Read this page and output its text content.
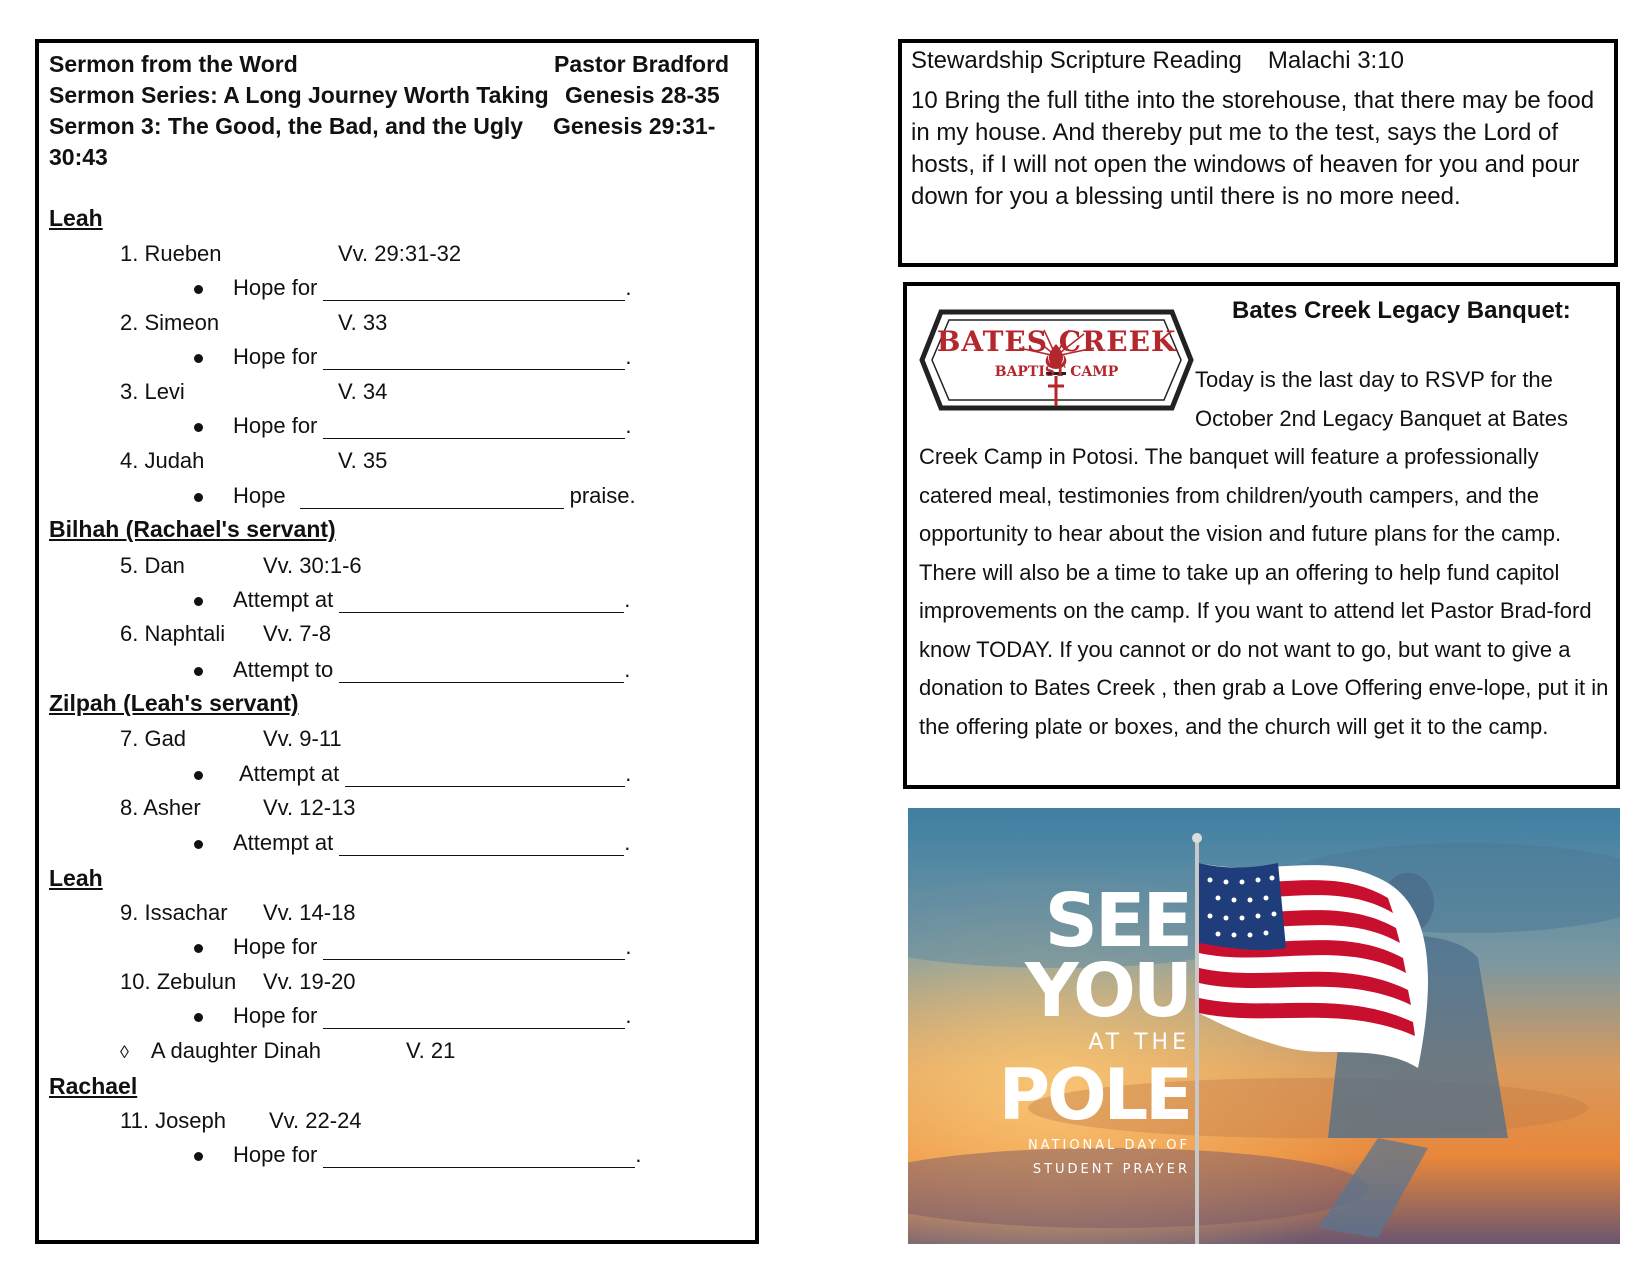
Sermon from the Word	Pastor Bradford
Sermon Series: A Long Journey Worth Taking Genesis 28-35
Sermon 3: The Good, the Bad, and the Ugly Genesis 29:31-
30:43
Leah
1. Rueben	Vv. 29:31-32
Hope for	.
2. Simeon	V. 33
Hope for	.
3. Levi	V. 34
Hope for	.
4. Judah	V. 35
Hope	praise.
Bilhah (Rachael's servant)
5. Dan	Vv. 30:1-6
Attempt at	.
6. Naphtali Vv. 7-8
Attempt to	.
Zilpah (Leah's servant)
7. Gad	Vv. 9-11
Attempt at	.
8. Asher	Vv. 12-13
Attempt at	.
Leah
9. Issachar Vv. 14-18
Hope for	.
10. Zebulun Vv. 19-20
Hope for	.
◊ A daughter Dinah	V. 21
Rachael
11. Joseph Vv. 22-24
Hope for	.
Stewardship Scripture Reading Malachi 3:10
10 Bring the full tithe into the storehouse, that there may be food in my house. And thereby put me to the test, says the Lord of hosts, if I will not open the windows of heaven for you and pour down for you a blessing until there is no more need.
BATES CREEK
BAPTIST CAMP
Bates Creek Legacy Banquet:
Today is the last day to RSVP for the October 2nd Legacy Banquet at Bates
Creek Camp in Potosi. The banquet will feature a professionally catered meal, testimonies from children/youth campers, and the opportunity to hear about the vision and future plans for the camp. There will also be a time to take up an offering to help fund capitol improvements on the camp. If you want to attend let Pastor Brad-ford know TODAY. If you cannot or do not want to go, but want to give a donation to Bates Creek , then grab a Love Offering enve-lope, put it in the offering plate or boxes, and the church will get it to the camp.
SEE
YOU
AT THE
POLE
NATIONAL DAY OF
STUDENT PRAYER
